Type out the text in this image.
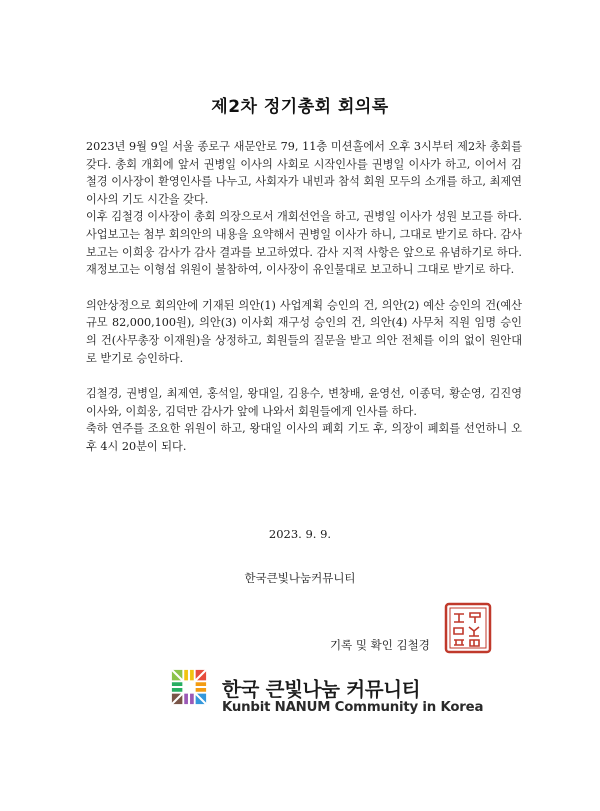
제2차 정기총회 회의록

2023년 9월 9일 서울 종로구 새문안로 79, 11층 미션홀에서 오후 3시부터 제2차 총회를 갖다. 총회 개회에 앞서 권병일 이사의 사회로 시작인사를 권병일 이사가 하고, 이어서 김철경 이사장이 환영인사를 나누고, 사회자가 내빈과 참석 회원 모두의 소개를 하고, 최제연 이사의 기도 시간을 갖다.

이후 김철경 이사장이 총회 의장으로서 개회선언을 하고, 권병일 이사가 성원 보고를 하다. 사업보고는 첨부 회의안의 내용을 요약해서 권병일 이사가 하니, 그대로 받기로 하다. 감사보고는 이희웅 감사가 감사 결과를 보고하였다. 감사 지적 사항은 앞으로 유념하기로 하다. 재정보고는 이형섭 위원이 불참하여, 이사장이 유인물대로 보고하니 그대로 받기로 하다.

의안상정으로 회의안에 기재된 의안(1) 사업계획 승인의 건, 의안(2) 예산 승인의 건(예산 규모 82,000,100원), 의안(3) 이사회 재구성 승인의 건, 의안(4) 사무처 직원 임명 승인의 건(사무총장 이재원)을 상정하고, 회원들의 질문을 받고 의안 전체를 이의 없이 원안대로 받기로 승인하다.

김철경, 권병일, 최제연, 홍석일, 왕대일, 김용수, 변창배, 윤영선, 이종덕, 황순영, 김진영 이사와, 이희웅, 김덕만 감사가 앞에 나와서 회원들에게 인사를 하다.

축하 연주를 조요한 위원이 하고, 왕대일 이사의 폐회 기도 후, 의장이 폐회를 선언하니 오후 4시 20분이 되다.

2023. 9. 9.
한국큰빛나눔커뮤니티
기록 및 확인 김철경
한국 큰빛나눔 커뮤니티
Kunbit NANUM Community in Korea
